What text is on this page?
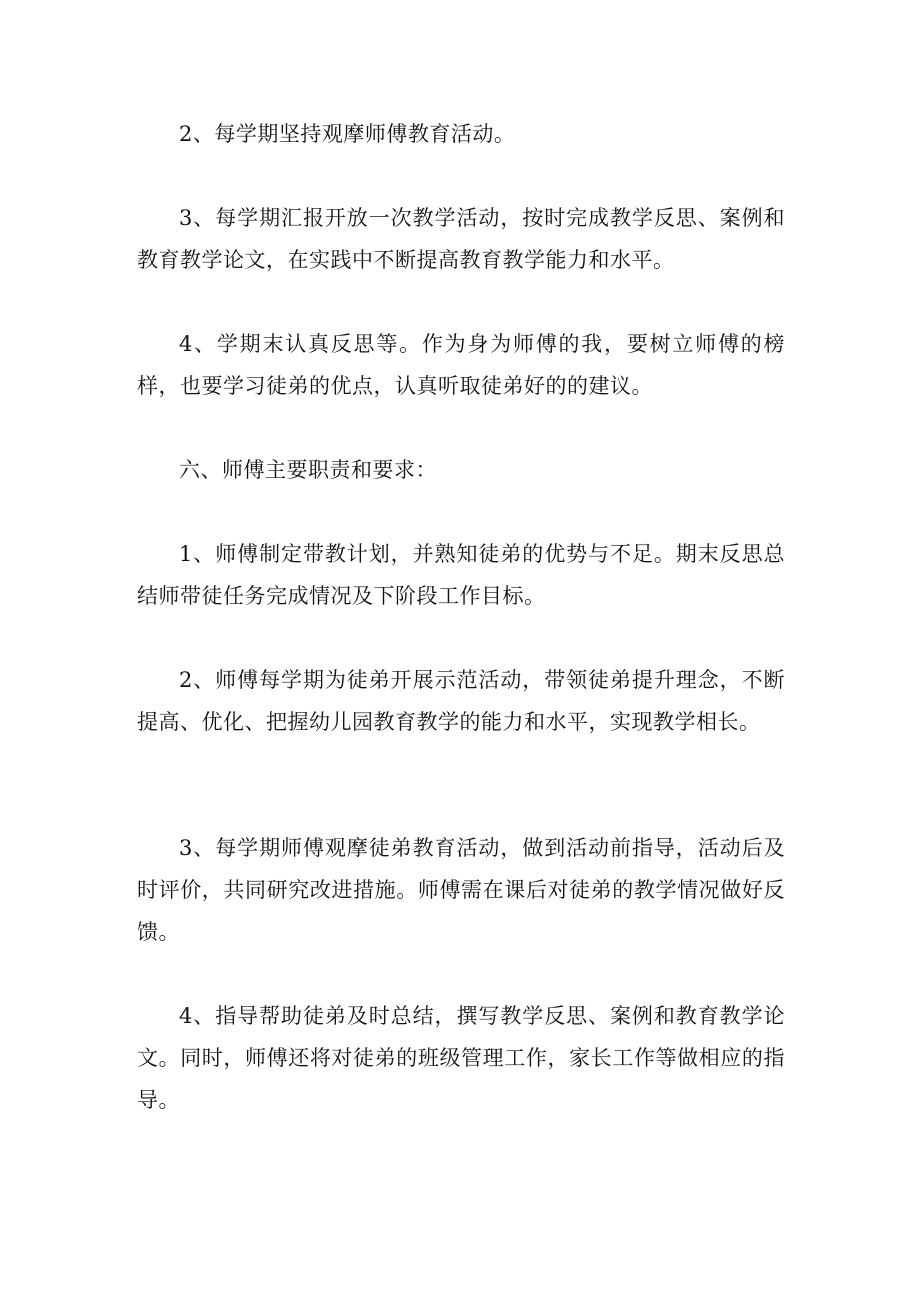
2、每学期坚持观摩师傅教育活动。

3、每学期汇报开放一次教学活动，按时完成教学反思、案例和教育教学论文，在实践中不断提高教育教学能力和水平。

4、学期末认真反思等。作为身为师傅的我，要树立师傅的榜样，也要学习徒弟的优点，认真听取徒弟好的的建议。

六、师傅主要职责和要求：

1、师傅制定带教计划，并熟知徒弟的优势与不足。期末反思总结师带徒任务完成情况及下阶段工作目标。

2、师傅每学期为徒弟开展示范活动，带领徒弟提升理念，不断提高、优化、把握幼儿园教育教学的能力和水平，实现教学相长。

3、每学期师傅观摩徒弟教育活动，做到活动前指导，活动后及时评价，共同研究改进措施。师傅需在课后对徒弟的教学情况做好反馈。

4、指导帮助徒弟及时总结，撰写教学反思、案例和教育教学论文。同时，师傅还将对徒弟的班级管理工作，家长工作等做相应的指导。
